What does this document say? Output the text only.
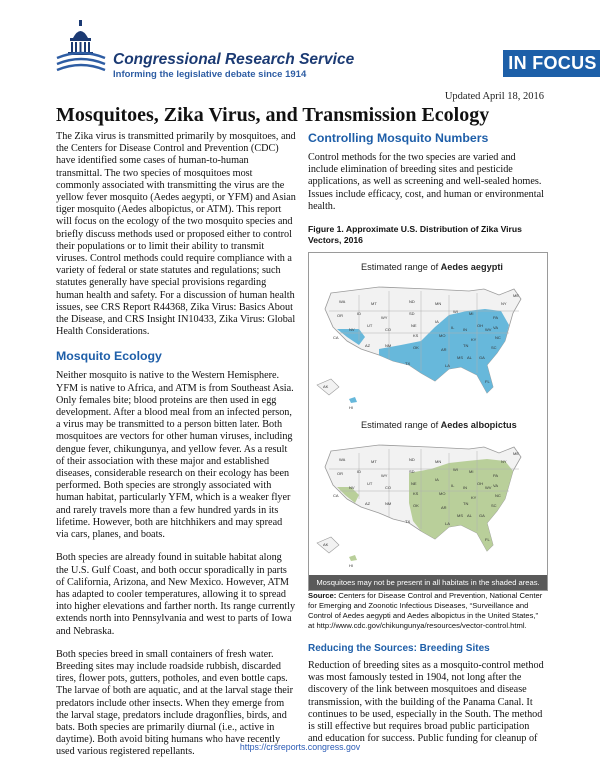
Congressional Research Service
Informing the legislative debate since 1914
IN FOCUS
Updated April 18, 2016
Mosquitoes, Zika Virus, and Transmission Ecology

The Zika virus is transmitted primarily by mosquitoes, and the Centers for Disease Control and Prevention (CDC) have identified some cases of human-to-human transmittal. The two species of mosquitoes most commonly associated with transmitting the virus are the yellow fever mosquito (Aedes aegypti, or YFM) and Asian tiger mosquito (Aedes albopictus, or ATM). This report will focus on the ecology of the two mosquito species and briefly discuss methods used or proposed either to control their populations or to limit their ability to transmit viruses. Control methods could require compliance with a variety of federal or state statutes and regulations; such statutes generally have special provisions regarding human health and safety. For a discussion of human health issues, see CRS Report R44368, Zika Virus: Basics About the Disease, and CRS Insight IN10433, Zika Virus: Global Health Considerations.

Mosquito Ecology

Neither mosquito is native to the Western Hemisphere. YFM is native to Africa, and ATM is from Southeast Asia. Only females bite; blood proteins are then used in egg development. After a blood meal from an infected person, a virus may be transmitted to a person bitten later. Both mosquitoes are vectors for other human viruses, including dengue fever, chikungunya, and yellow fever. As a result of their association with these major and established diseases, considerable research on their ecology has been performed. Both species are strongly associated with human habitat, particularly YFM, which is a weaker flyer and rarely travels more than a few hundred yards in its lifetime. However, both are hitchhikers and may spread via cars, planes, and boats.

Both species are already found in suitable habitat along the U.S. Gulf Coast, and both occur sporadically in parts of California, Arizona, and New Mexico. However, ATM has adapted to cooler temperatures, allowing it to spread into higher elevations and farther north. Its range currently extends north into Pennsylvania and west to parts of Iowa and Nebraska.

Both species breed in small containers of fresh water. Breeding sites may include roadside rubbish, discarded tires, flower pots, gutters, potholes, and even bottle caps. The larvae of both are aquatic, and at the larval stage their predators include other insects. When they emerge from the larval stage, predators include dragonflies, birds, and bats. Both species are primarily diurnal (i.e., active in daytime). Both avoid biting humans who have recently used various registered repellants.

Controlling Mosquito Numbers

Control methods for the two species are varied and include elimination of breeding sites and pesticide applications, as well as screening and well-sealed homes. Issues include efficacy, cost, and human or environmental health.

Figure 1. Approximate U.S. Distribution of Zika Virus Vectors, 2016
Estimated range of Aedes aegypti
WA
OR
MT
ID
WY
CA
NV
UT
CO
AZ	NM
ND
SD
NE
KS
OK
TX
MN
IA
MO
AR
LA
WI
IL
MI
IN
OH
KY
TN
MS AL GA
FL
SC
NC
VA
WV
PA
NY
ME
AK
HI
Estimated range of Aedes albopictus
WA
OR
MT
ID
WY
CA
NV
UT
CO
AZ	NM
ND
SD
NE
KS
OK
TX
MN
IA
MO
AR
LA
WI
IL
MI
IN
OH
KY
TN
MS AL GA
FL
SC
NC
VA
WV
PA
NY
ME
AK
HI
Mosquitoes may not be present in all habitats in the shaded areas.

Source: Centers for Disease Control and Prevention, National Center for Emerging and Zoonotic Infectious Diseases, “Surveillance and Control of Aedes aegypti and Aedes albopictus in the United States,” at http://www.cdc.gov/chikungunya/resources/vector-control.html.

Reducing the Sources: Breeding Sites

Reduction of breeding sites as a mosquito-control method was most famously tested in 1904, not long after the discovery of the link between mosquitoes and disease transmission, with the building of the Panama Canal. It continues to be used, especially in the South. The method is still effective but requires broad public participation and education for success. Public funding for cleanup of

https://crsreports.congress.gov
